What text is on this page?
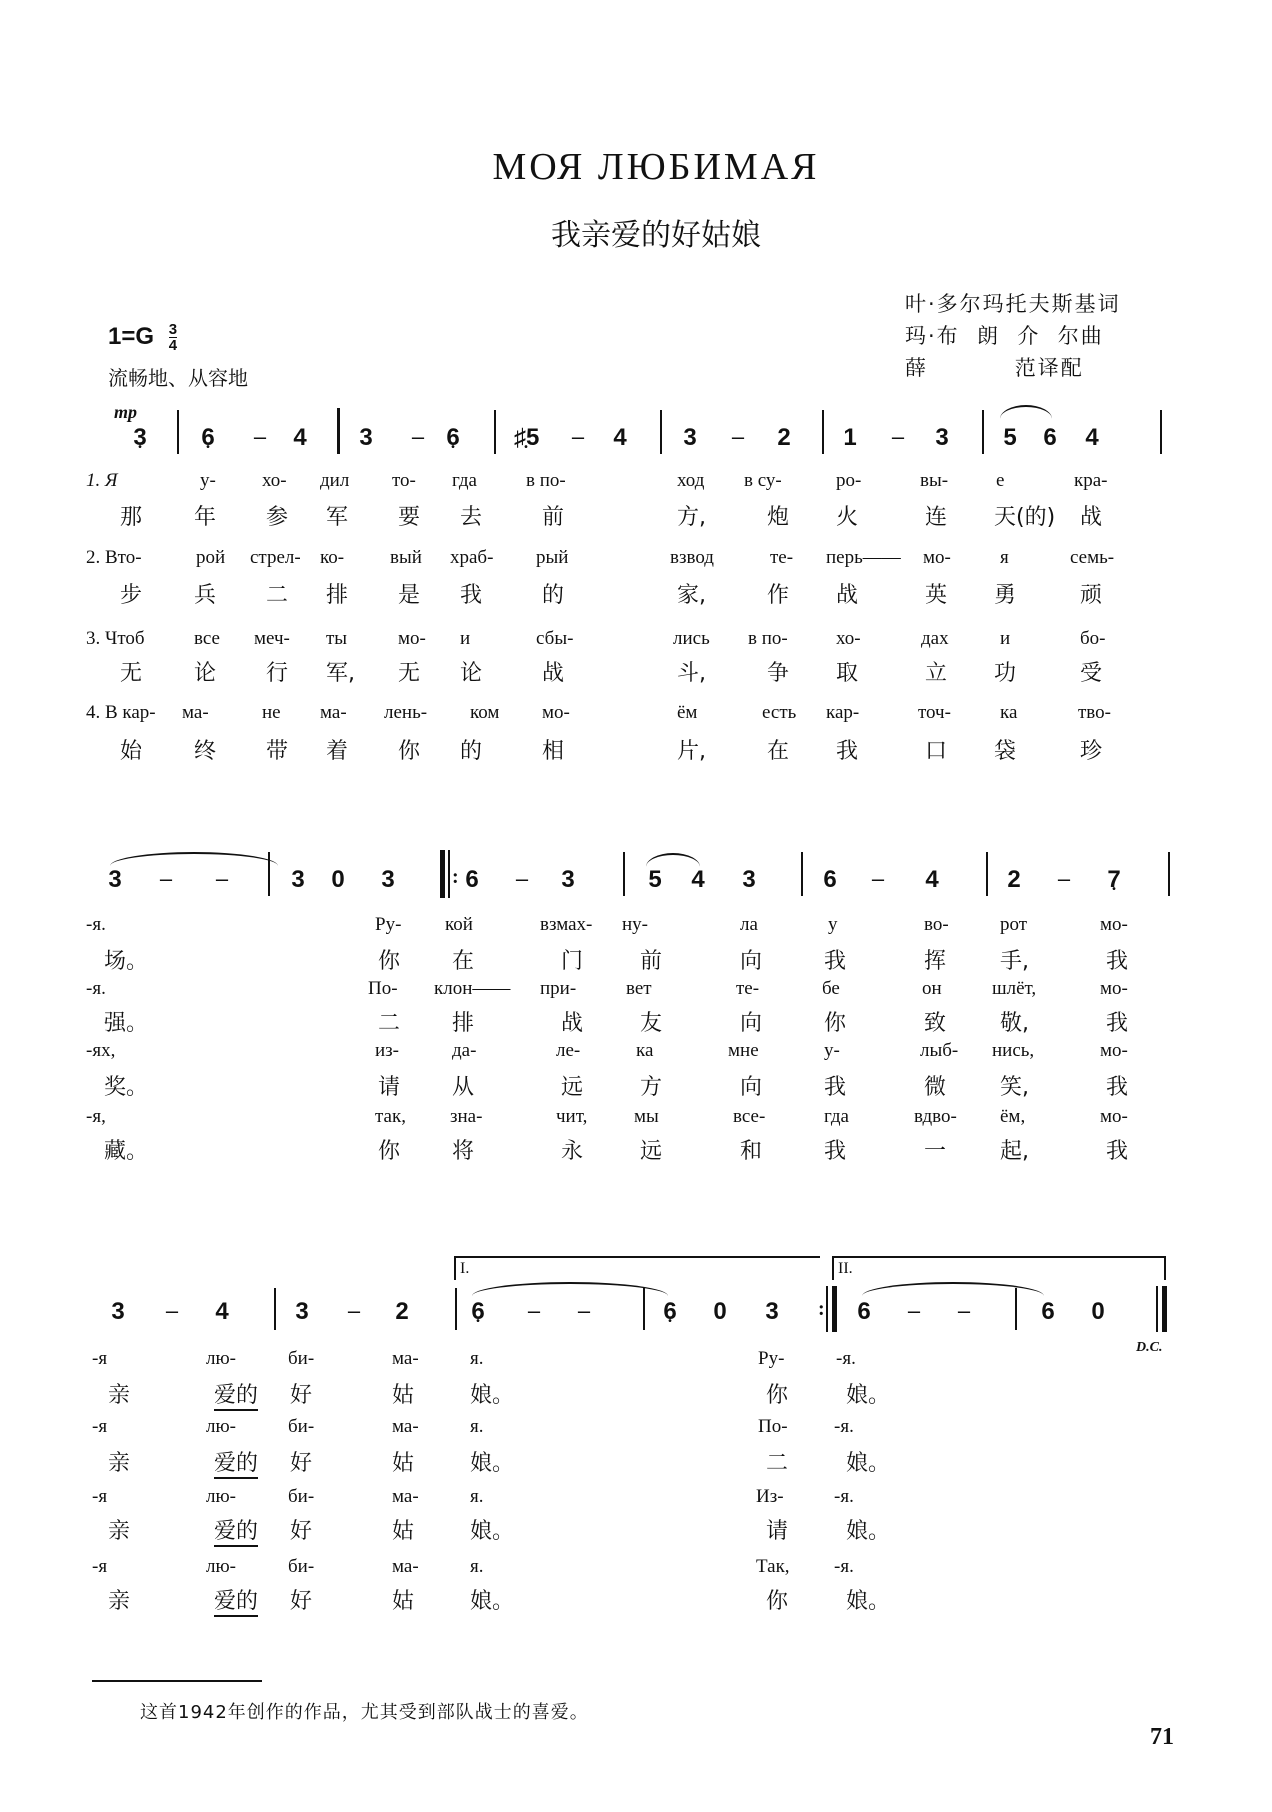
МОЯ ЛЮБИМАЯ
我亲爱的好姑娘
叶·多尔玛托夫斯基词
玛·布  朗  介  尔曲
薛          范译配
$1=G \frac{3}{4}$
流畅地、从容地
mp
3 • 6 • – 4 3 – 6 • ♯5 • – 4 3 – 2 1 – 3 5 6 4
1. Я	у- хо- дил то- гда	в по-	ход в су-	ро-	вы-	е	кра-
那 年 参 军 要 去	前	方,	炮 火	连 天(的) 战
2. Вто-	рой стрел- ко- вый храб- рый	взвод	те- перь—— мо-	я	семь-
步 兵 二 排 是 我	的	家,	作 战	英 勇	顽
3. Чтоб	все меч- ты	мо- и	сбы-	лись в по-	хо-	дах	и	бо-
无 论 行 军, 无 论	战	斗,	争 取	立 功	受
4. В кар- ма-	не ма- лень- ком мо-	ём	есть кар-	точ-	ка	тво-
始 终 带 着 你 的	相	片,	在 我	口 袋	珍
3 – –	3 0 3	: 6 – 3	5 4 3	6 – 4	2 – 7 •
-я.	Ру- кой	взмах- ну-	ла	у	во-	рот	мо-
场。	你 在	门	前	向	我	挥 手,	我
-я.	По- клон—— при-	вет	те-	бе	он	шлёт,	мо-
强。	二 排	战	友	向	你	致 敬,	我
-ях,	из-	да-	ле-	ка	мне	у-	лыб- нись,	мо-
奖。	请 从	远	方	向	我	微 笑,	我
-я,	так, зна-	чит, мы	все-	гда	вдво- ём,	мо-
藏。	你 将	永	远	和	我	一 起,	我
I.	II.
3 – 4	3 – 2	6 • – –	6 • 0 3 : 6 – –	6 0
D.C.
-я	лю-	би-	ма-	я.	Ру-	-я.
亲	爱的 好	姑	娘。	你	娘。
-я	лю-	би-	ма-	я.	По- -я.
亲	爱的 好	姑	娘。	二	娘。
-я	лю-	би-	ма-	я.	Из-	-я.
亲	爱的 好	姑	娘。	请	娘。
-я	лю-	би-	ма-	я.	Так, -я.
亲	爱的 好	姑	娘。	你	娘。
这首1942年创作的作品，尤其受到部队战士的喜爱。
71
